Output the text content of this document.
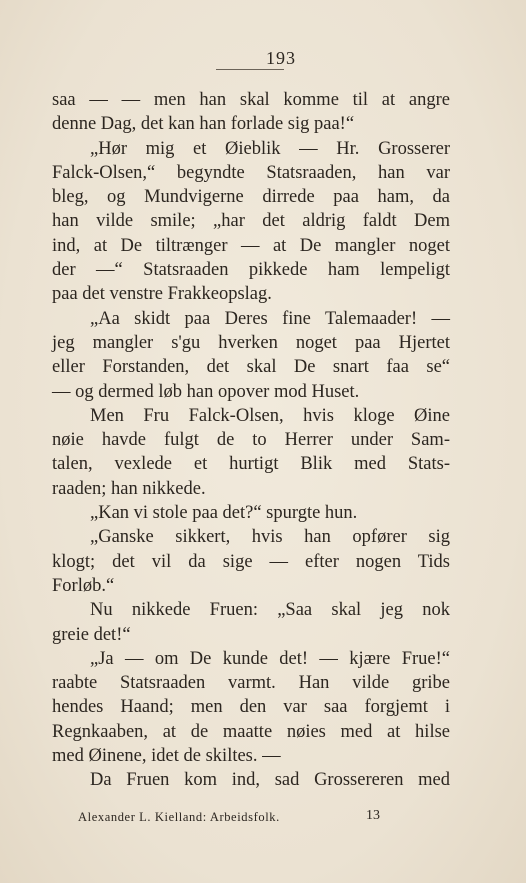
193
saa — — men han skal komme til at angre
denne Dag, det kan han forlade sig paa!“
„Hør mig et Øieblik — Hr. Grosserer
Falck-Olsen,“ begyndte Statsraaden, han var
bleg, og Mundvigerne dirrede paa ham, da
han vilde smile; „har det aldrig faldt Dem
ind, at De tiltrænger — at De mangler noget
der —“ Statsraaden pikkede ham lempeligt
paa det venstre Frakkeopslag.
„Aa skidt paa Deres fine Talemaader! —
jeg mangler s'gu hverken noget paa Hjertet
eller Forstanden, det skal De snart faa se“
— og dermed løb han opover mod Huset.
Men Fru Falck-Olsen, hvis kloge Øine
nøie havde fulgt de to Herrer under Sam-
talen, vexlede et hurtigt Blik med Stats-
raaden; han nikkede.
„Kan vi stole paa det?“ spurgte hun.
„Ganske sikkert, hvis han opfører sig
klogt; det vil da sige — efter nogen Tids
Forløb.“
Nu nikkede Fruen: „Saa skal jeg nok
greie det!“
„Ja — om De kunde det! — kjære Frue!“
raabte Statsraaden varmt. Han vilde gribe
hendes Haand; men den var saa forgjemt i
Regnkaaben, at de maatte nøies med at hilse
med Øinene, idet de skiltes. —
Da Fruen kom ind, sad Grossereren med
Alexander L. Kielland: Arbeidsfolk.	13
